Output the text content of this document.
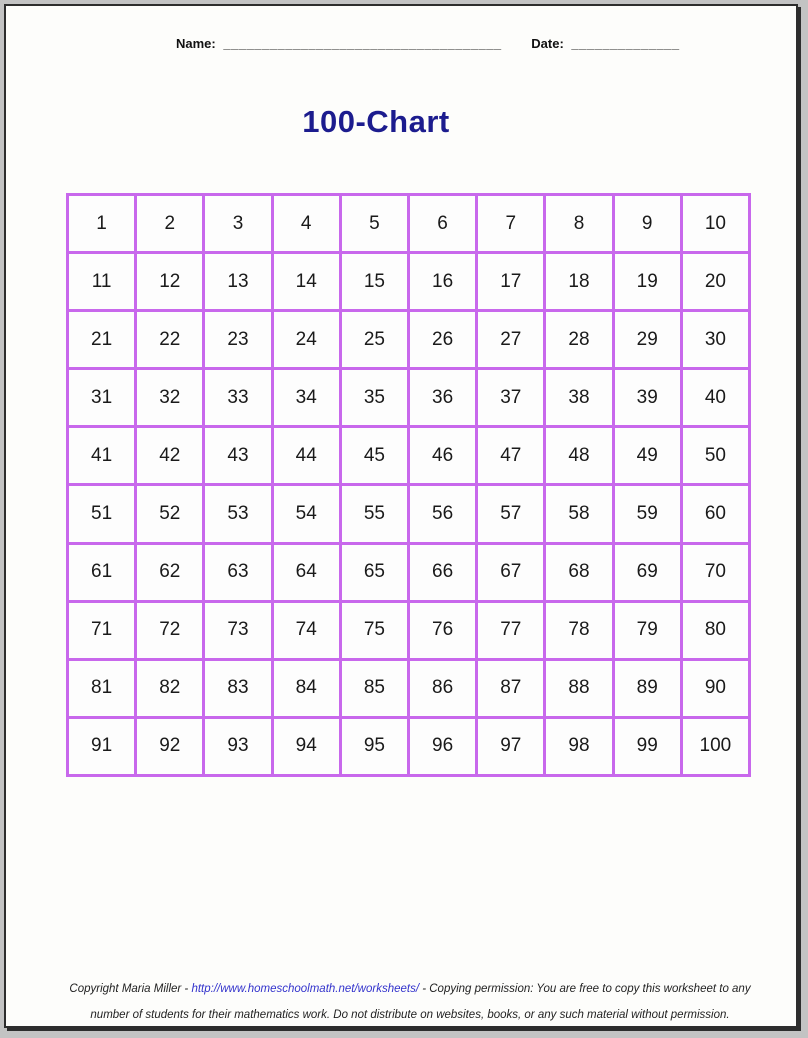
Name: ____________________________________ Date: ______________
100-Chart
1	2	3	4	5	6	7	8	9	10
11	12	13	14	15	16	17	18	19	20
21	22	23	24	25	26	27	28	29	30
31	32	33	34	35	36	37	38	39	40
41	42	43	44	45	46	47	48	49	50
51	52	53	54	55	56	57	58	59	60
61	62	63	64	65	66	67	68	69	70
71	72	73	74	75	76	77	78	79	80
81	82	83	84	85	86	87	88	89	90
91	92	93	94	95	96	97	98	99	100
Copyright Maria Miller - http://www.homeschoolmath.net/worksheets/ - Copying permission: You are free to copy this worksheet to any
number of students for their mathematics work. Do not distribute on websites, books, or any such material without permission.
